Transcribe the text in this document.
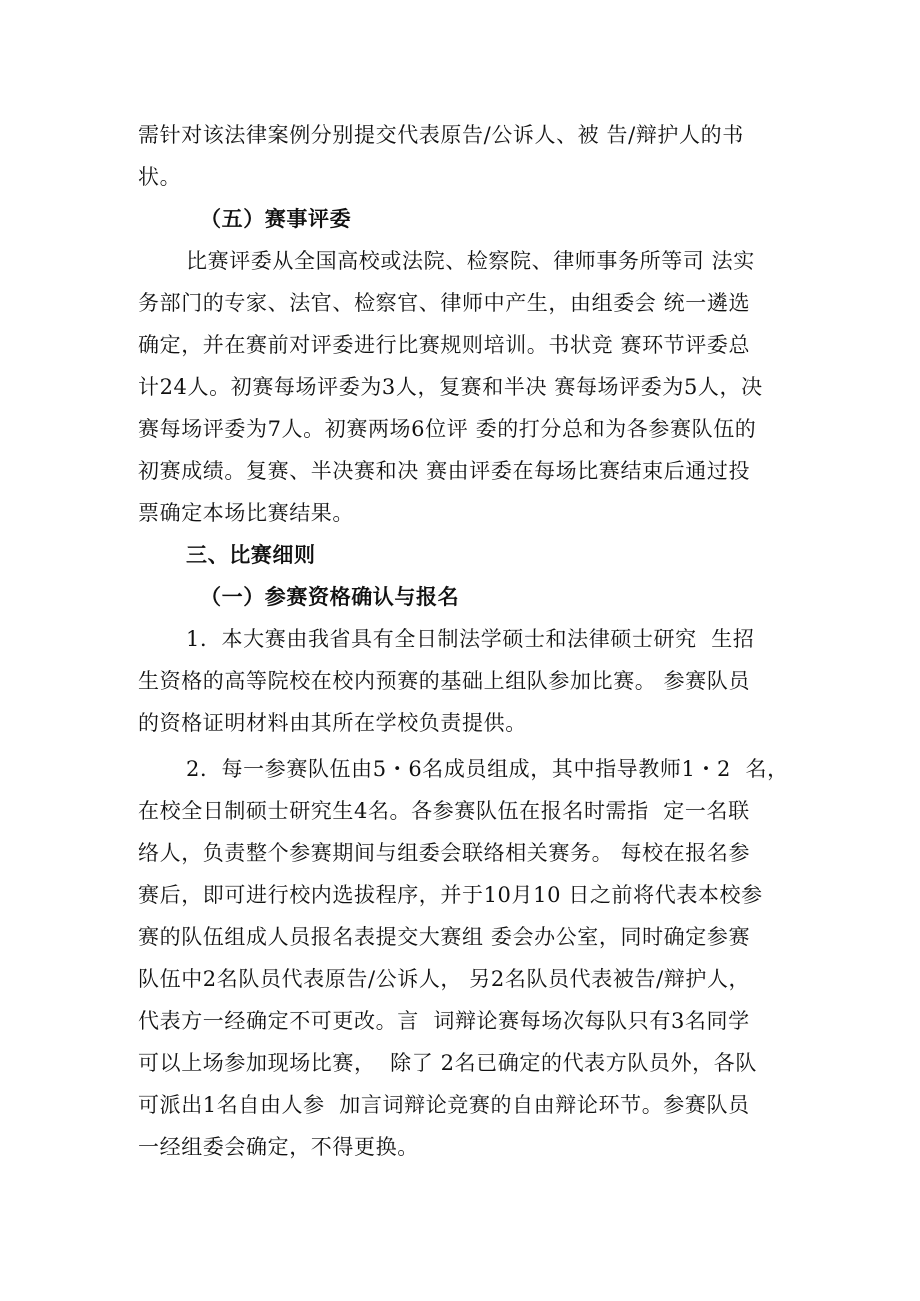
需针对该法律案例分别提交代表原告/公诉人、被 告/辩护人的书
状。
（五）赛事评委
比赛评委从全国高校或法院、检察院、律师事务所等司 法实
务部门的专家、法官、检察官、律师中产生，由组委会 统一遴选
确定，并在赛前对评委进行比赛规则培训。书状竞 赛环节评委总
计24人。初赛每场评委为3人，复赛和半决 赛每场评委为5人，决
赛每场评委为7人。初赛两场6位评 委的打分总和为各参赛队伍的
初赛成绩。复赛、半决赛和决 赛由评委在每场比赛结束后通过投
票确定本场比赛结果。
三、比赛细则
（一）参赛资格确认与报名
1．本大赛由我省具有全日制法学硕士和法律硕士研究  生招
生资格的高等院校在校内预赛的基础上组队参加比赛。 参赛队员
的资格证明材料由其所在学校负责提供。
2．每一参赛队伍由5・6名成员组成，其中指导教师1・2  名，
在校全日制硕士研究生4名。各参赛队伍在报名时需指  定一名联
络人，负责整个参赛期间与组委会联络相关赛务。 每校在报名参
赛后，即可进行校内选拔程序，并于10月10 日之前将代表本校参
赛的队伍组成人员报名表提交大赛组 委会办公室，同时确定参赛
队伍中2名队员代表原告/公诉人， 另2名队员代表被告/辩护人，
代表方一经确定不可更改。言  词辩论赛每场次每队只有3名同学
可以上场参加现场比赛，  除了 2名已确定的代表方队员外，各队
可派出1名自由人参  加言词辩论竞赛的自由辩论环节。参赛队员
一经组委会确定，不得更换。
